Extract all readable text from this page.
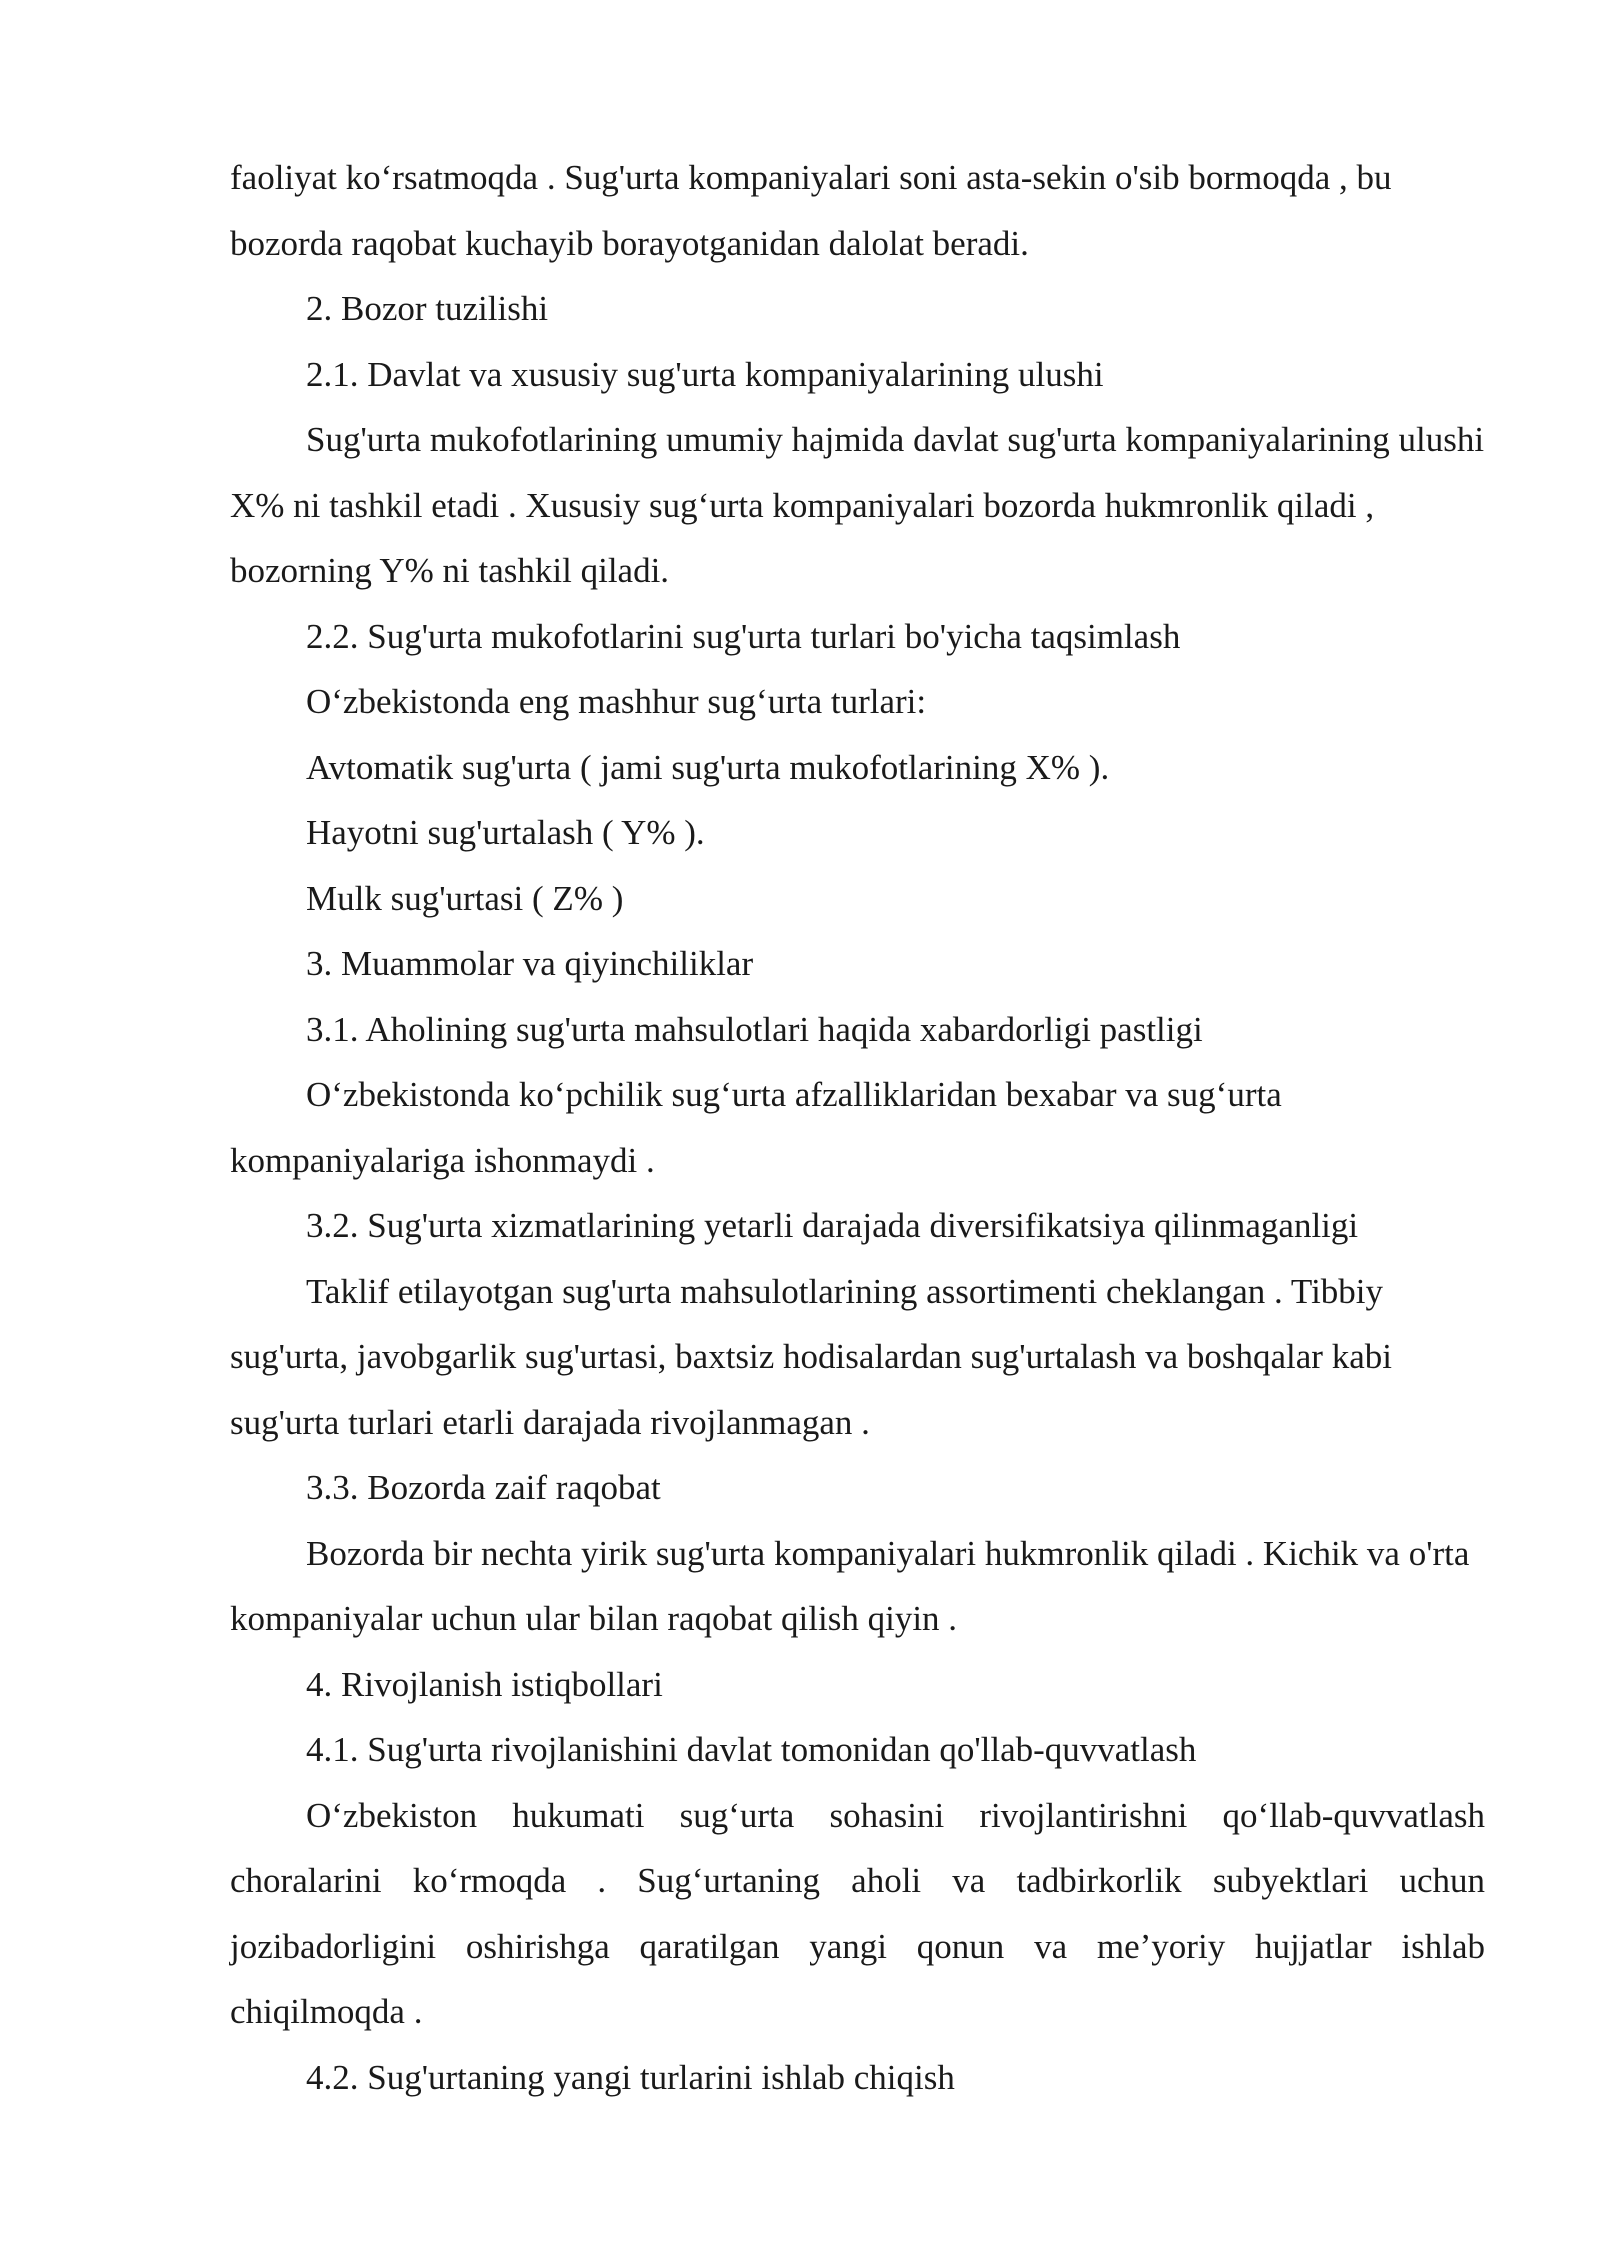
faoliyat ko‘rsatmoqda . Sug'urta kompaniyalari soni asta-sekin o'sib bormoqda , bu bozorda raqobat kuchayib borayotganidan dalolat beradi.

2. Bozor tuzilishi

2.1. Davlat va xususiy sug'urta kompaniyalarining ulushi

Sug'urta mukofotlarining umumiy hajmida davlat sug'urta kompaniyalarining ulushi X% ni tashkil etadi . Xususiy sug‘urta kompaniyalari bozorda hukmronlik qiladi , bozorning Y% ni tashkil qiladi.

2.2. Sug'urta mukofotlarini sug'urta turlari bo'yicha taqsimlash

O‘zbekistonda eng mashhur sug‘urta turlari:

Avtomatik sug'urta ( jami sug'urta mukofotlarining X% ).

Hayotni sug'urtalash ( Y% ).

Mulk sug'urtasi ( Z% )

3. Muammolar va qiyinchiliklar

3.1. Aholining sug'urta mahsulotlari haqida xabardorligi pastligi

O‘zbekistonda ko‘pchilik sug‘urta afzalliklaridan bexabar va sug‘urta kompaniyalariga ishonmaydi .

3.2. Sug'urta xizmatlarining yetarli darajada diversifikatsiya qilinmaganligi

Taklif etilayotgan sug'urta mahsulotlarining assortimenti cheklangan . Tibbiy sug'urta, javobgarlik sug'urtasi, baxtsiz hodisalardan sug'urtalash va boshqalar kabi sug'urta turlari etarli darajada rivojlanmagan .

3.3. Bozorda zaif raqobat

Bozorda bir nechta yirik sug'urta kompaniyalari hukmronlik qiladi . Kichik va o'rta kompaniyalar uchun ular bilan raqobat qilish qiyin .

4. Rivojlanish istiqbollari

4.1. Sug'urta rivojlanishini davlat tomonidan qo'llab-quvvatlash

O‘zbekiston hukumati sug‘urta sohasini rivojlantirishni qo‘llab-quvvatlash choralarini ko‘rmoqda . Sug‘urtaning aholi va tadbirkorlik subyektlari uchun jozibadorligini oshirishga qaratilgan yangi qonun va me’yoriy hujjatlar ishlab chiqilmoqda .

4.2. Sug'urtaning yangi turlarini ishlab chiqish
